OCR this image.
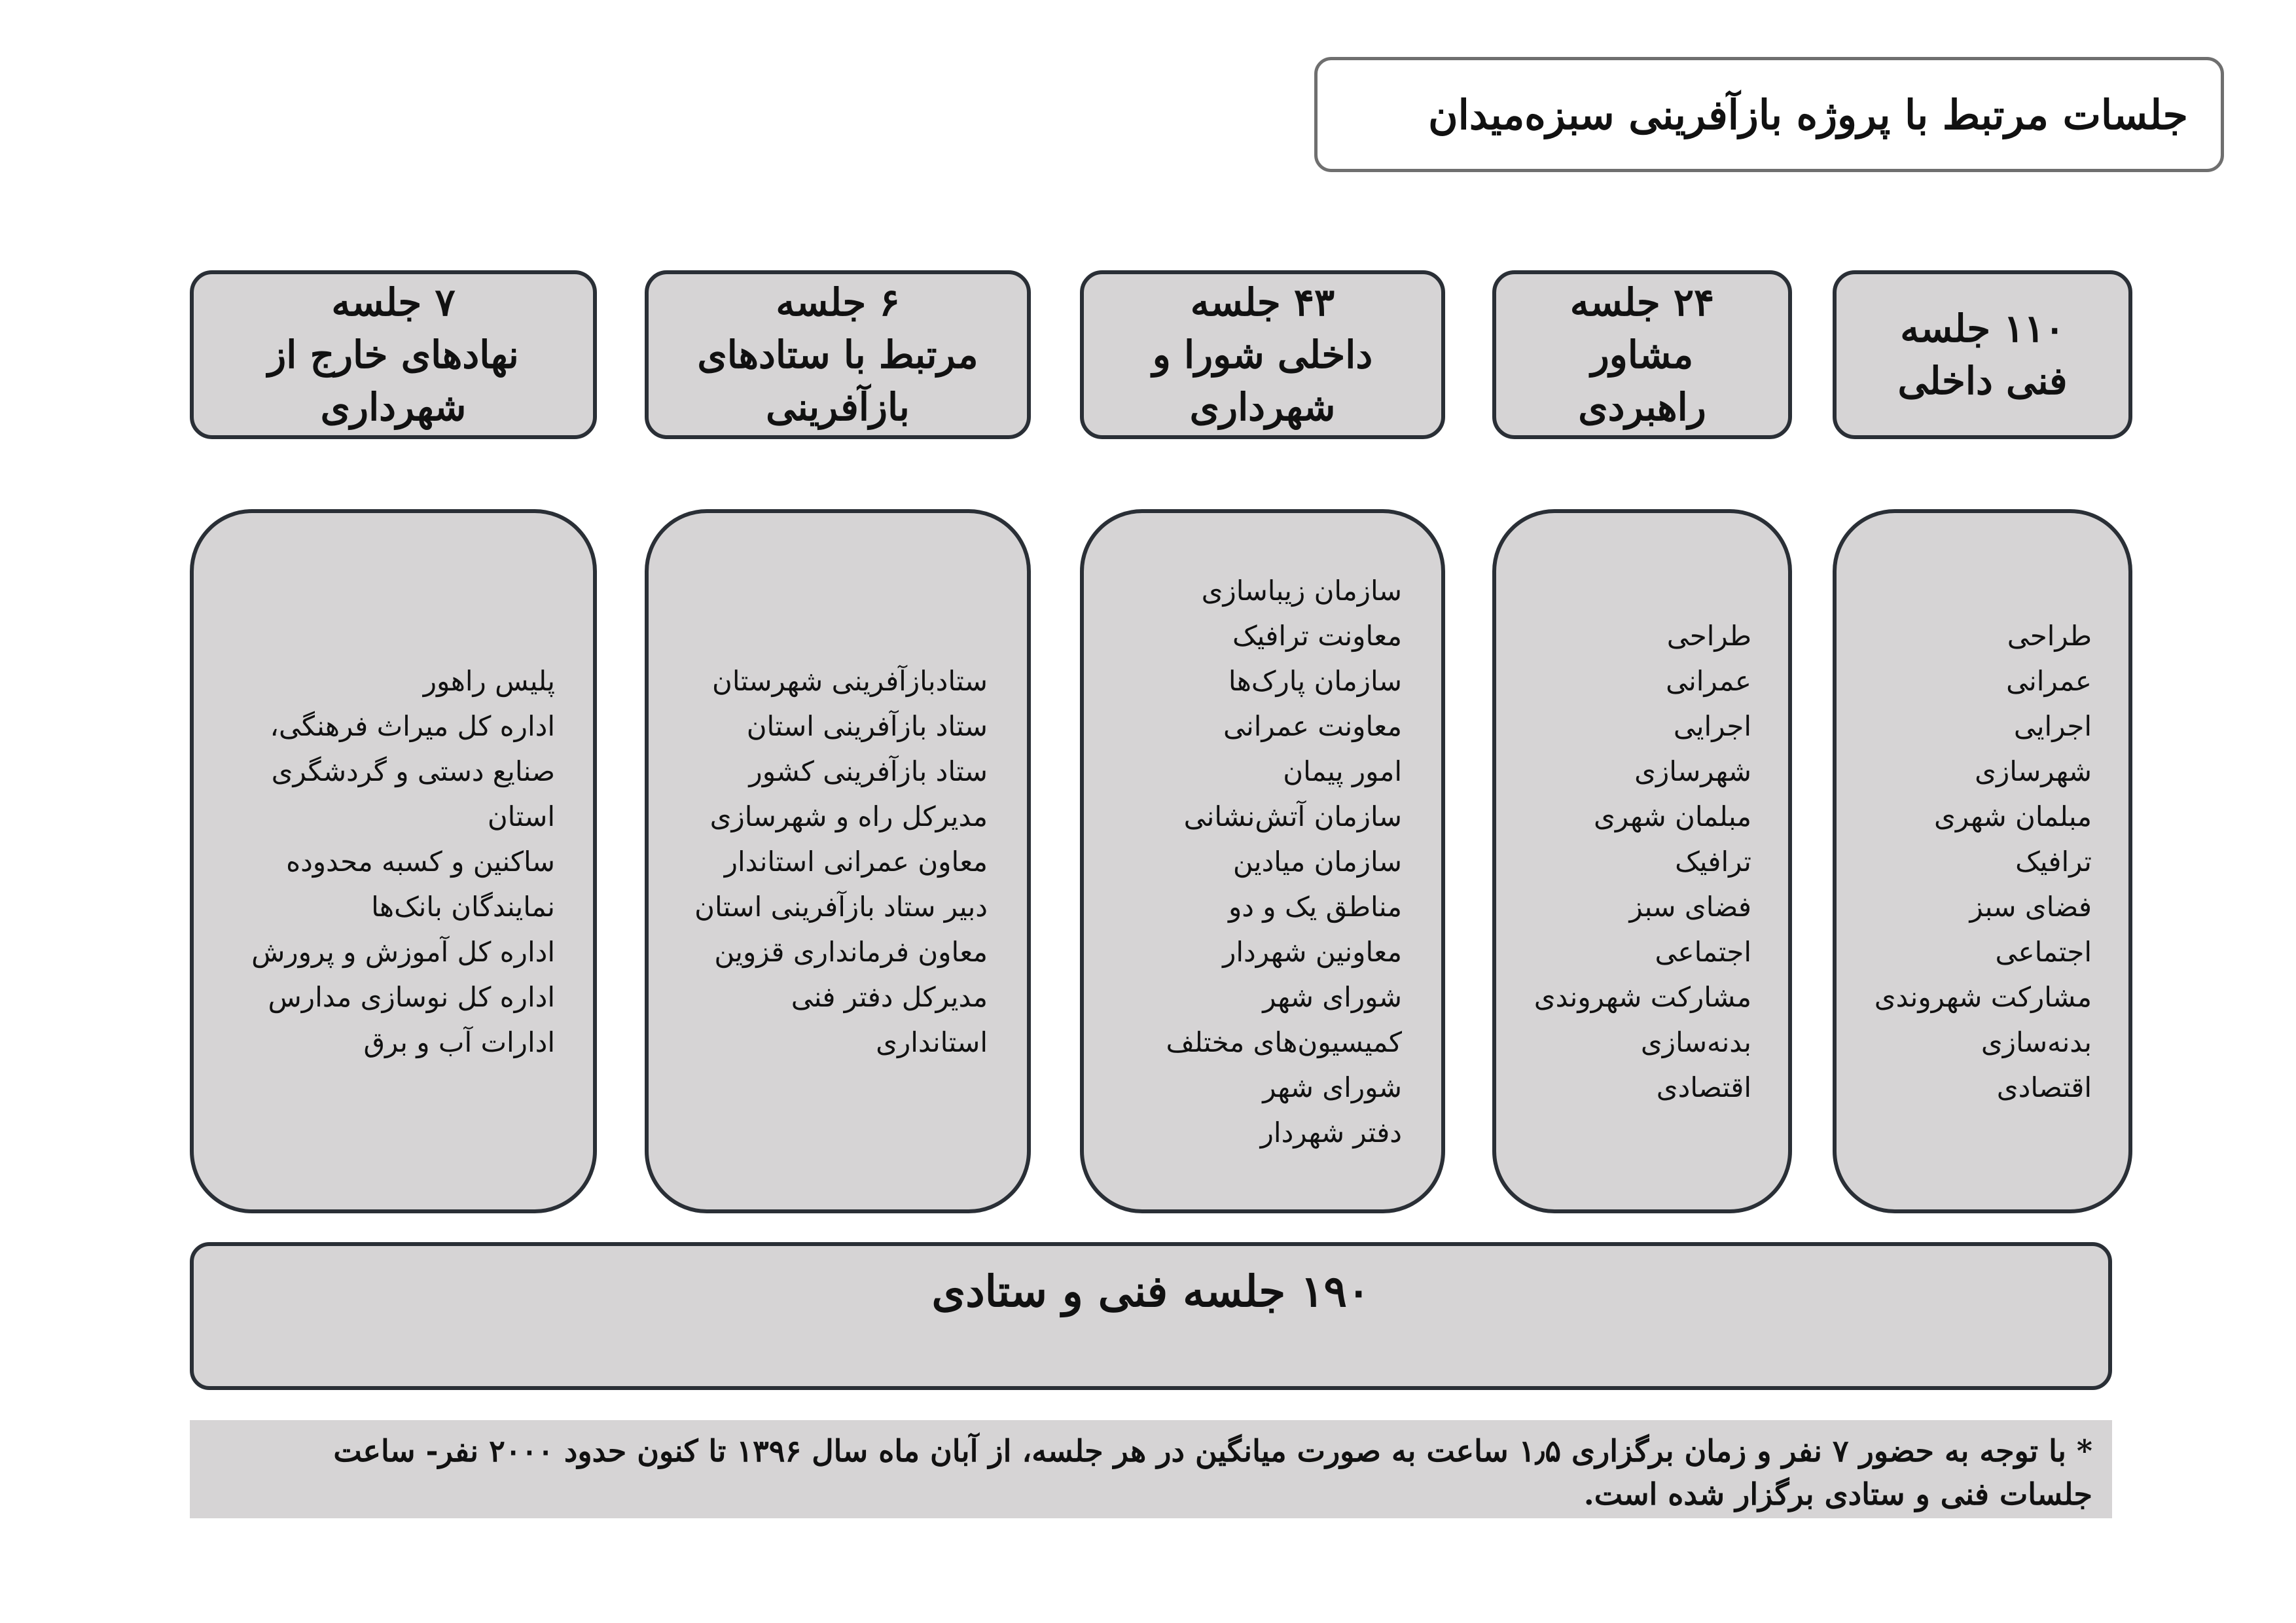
جلسات مرتبط با پروژه بازآفرینی سبزه‌میدان
۱۱۰ جلسه
فنی داخلی
طراحی
عمرانی
اجرایی
شهرسازی
مبلمان شهری
ترافیک
فضای سبز
اجتماعی
مشارکت شهروندی
بدنه‌سازی
اقتصادی
۲۴ جلسه
مشاور
راهبردی
طراحی
عمرانی
اجرایی
شهرسازی
مبلمان شهری
ترافیک
فضای سبز
اجتماعی
مشارکت شهروندی
بدنه‌سازی
اقتصادی
۴۳ جلسه
داخلی شورا و
شهرداری
سازمان زیباسازی
معاونت ترافیک
سازمان پارک‌ها
معاونت عمرانی
امور پیمان
سازمان آتش‌نشانی
سازمان میادین
مناطق یک و دو
معاونین شهردار
شورای شهر
کمیسیون‌های مختلف
شورای شهر
دفتر شهردار
۶ جلسه
مرتبط با ستادهای
بازآفرینی
ستادبازآفرینی شهرستان
ستاد بازآفرینی استان
ستاد بازآفرینی کشور
مدیرکل راه و شهرسازی
معاون عمرانی استاندار
دبیر ستاد بازآفرینی استان
معاون فرمانداری قزوین
مدیرکل دفتر فنی
استانداری
۷ جلسه
نهادهای خارج از
شهرداری
پلیس راهور
اداره کل میراث فرهنگی،
صنایع دستی و گردشگری
استان
ساکنین و کسبه محدوده
نمایندگان بانک‌ها
اداره کل آموزش و پرورش
اداره کل نوسازی مدارس
ادارات آب و برق
۱۹۰ جلسه فنی و ستادی
* با توجه به حضور ۷ نفر و زمان برگزاری ۱٫۵ ساعت به صورت میانگین در هر جلسه، از آبان ماه سال ۱۳۹۶ تا کنون حدود ۲۰۰۰ نفر- ساعت
جلسات فنی و ستادی برگزار شده است.
